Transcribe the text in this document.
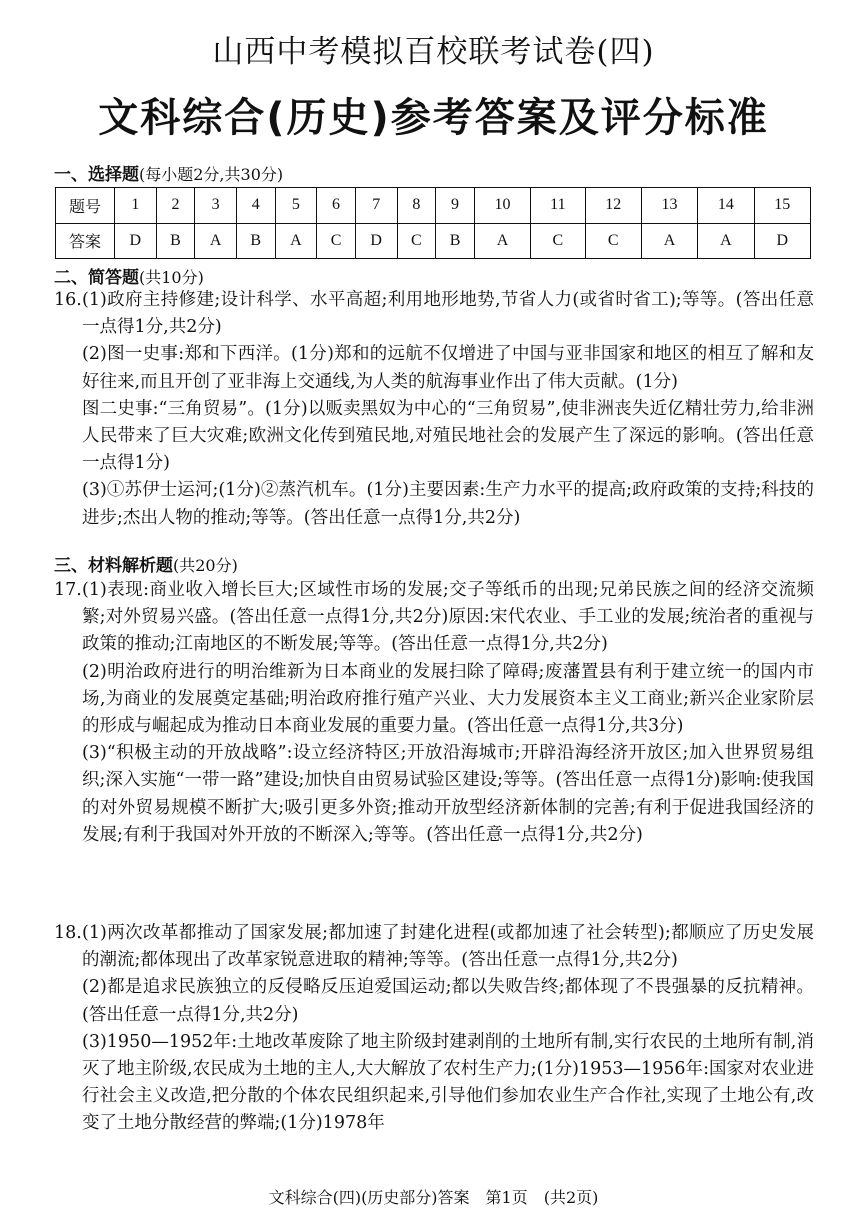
山西中考模拟百校联考试卷(四)
文科综合(历史)参考答案及评分标准
一、选择题(每小题2分,共30分)
题号	1	2	3	4	5	6	7	8	9	10	11	12	13	14	15
答案	D	B	A	B	A	C	D	C	B	A	C	C	A	A	D
二、简答题(共10分)
16. (1)政府主持修建;设计科学、水平高超;利用地形地势,节省人力(或省时省工);等等。(答出任意一点得1分,共2分)

(2)图一史事:郑和下西洋。(1分)郑和的远航不仅增进了中国与亚非国家和地区的相互了解和友好往来,而且开创了亚非海上交通线,为人类的航海事业作出了伟大贡献。(1分)

图二史事:“三角贸易”。(1分)以贩卖黑奴为中心的“三角贸易”,使非洲丧失近亿精壮劳力,给非洲人民带来了巨大灾难;欧洲文化传到殖民地,对殖民地社会的发展产生了深远的影响。(答出任意一点得1分)

(3)①苏伊士运河;(1分)②蒸汽机车。(1分)主要因素:生产力水平的提高;政府政策的支持;科技的进步;杰出人物的推动;等等。(答出任意一点得1分,共2分)

三、材料解析题(共20分)
17. (1)表现:商业收入增长巨大;区域性市场的发展;交子等纸币的出现;兄弟民族之间的经济交流频繁;对外贸易兴盛。(答出任意一点得1分,共2分)原因:宋代农业、手工业的发展;统治者的重视与政策的推动;江南地区的不断发展;等等。(答出任意一点得1分,共2分)

(2)明治政府进行的明治维新为日本商业的发展扫除了障碍;废藩置县有利于建立统一的国内市场,为商业的发展奠定基础;明治政府推行殖产兴业、大力发展资本主义工商业;新兴企业家阶层的形成与崛起成为推动日本商业发展的重要力量。(答出任意一点得1分,共3分)

(3)“积极主动的开放战略”:设立经济特区;开放沿海城市;开辟沿海经济开放区;加入世界贸易组织;深入实施“一带一路”建设;加快自由贸易试验区建设;等等。(答出任意一点得1分)影响:使我国的对外贸易规模不断扩大;吸引更多外资;推动开放型经济新体制的完善;有利于促进我国经济的发展;有利于我国对外开放的不断深入;等等。(答出任意一点得1分,共2分)

18. (1)两次改革都推动了国家发展;都加速了封建化进程(或都加速了社会转型);都顺应了历史发展的潮流;都体现出了改革家锐意进取的精神;等等。(答出任意一点得1分,共2分)

(2)都是追求民族独立的反侵略反压迫爱国运动;都以失败告终;都体现了不畏强暴的反抗精神。(答出任意一点得1分,共2分)

(3)1950—1952年:土地改革废除了地主阶级封建剥削的土地所有制,实行农民的土地所有制,消灭了地主阶级,农民成为土地的主人,大大解放了农村生产力;(1分)1953—1956年:国家对农业进行社会主义改造,把分散的个体农民组织起来,引导他们参加农业生产合作社,实现了土地公有,改变了土地分散经营的弊端;(1分)1978年

文科综合(四)(历史部分)答案　第1页　(共2页)
